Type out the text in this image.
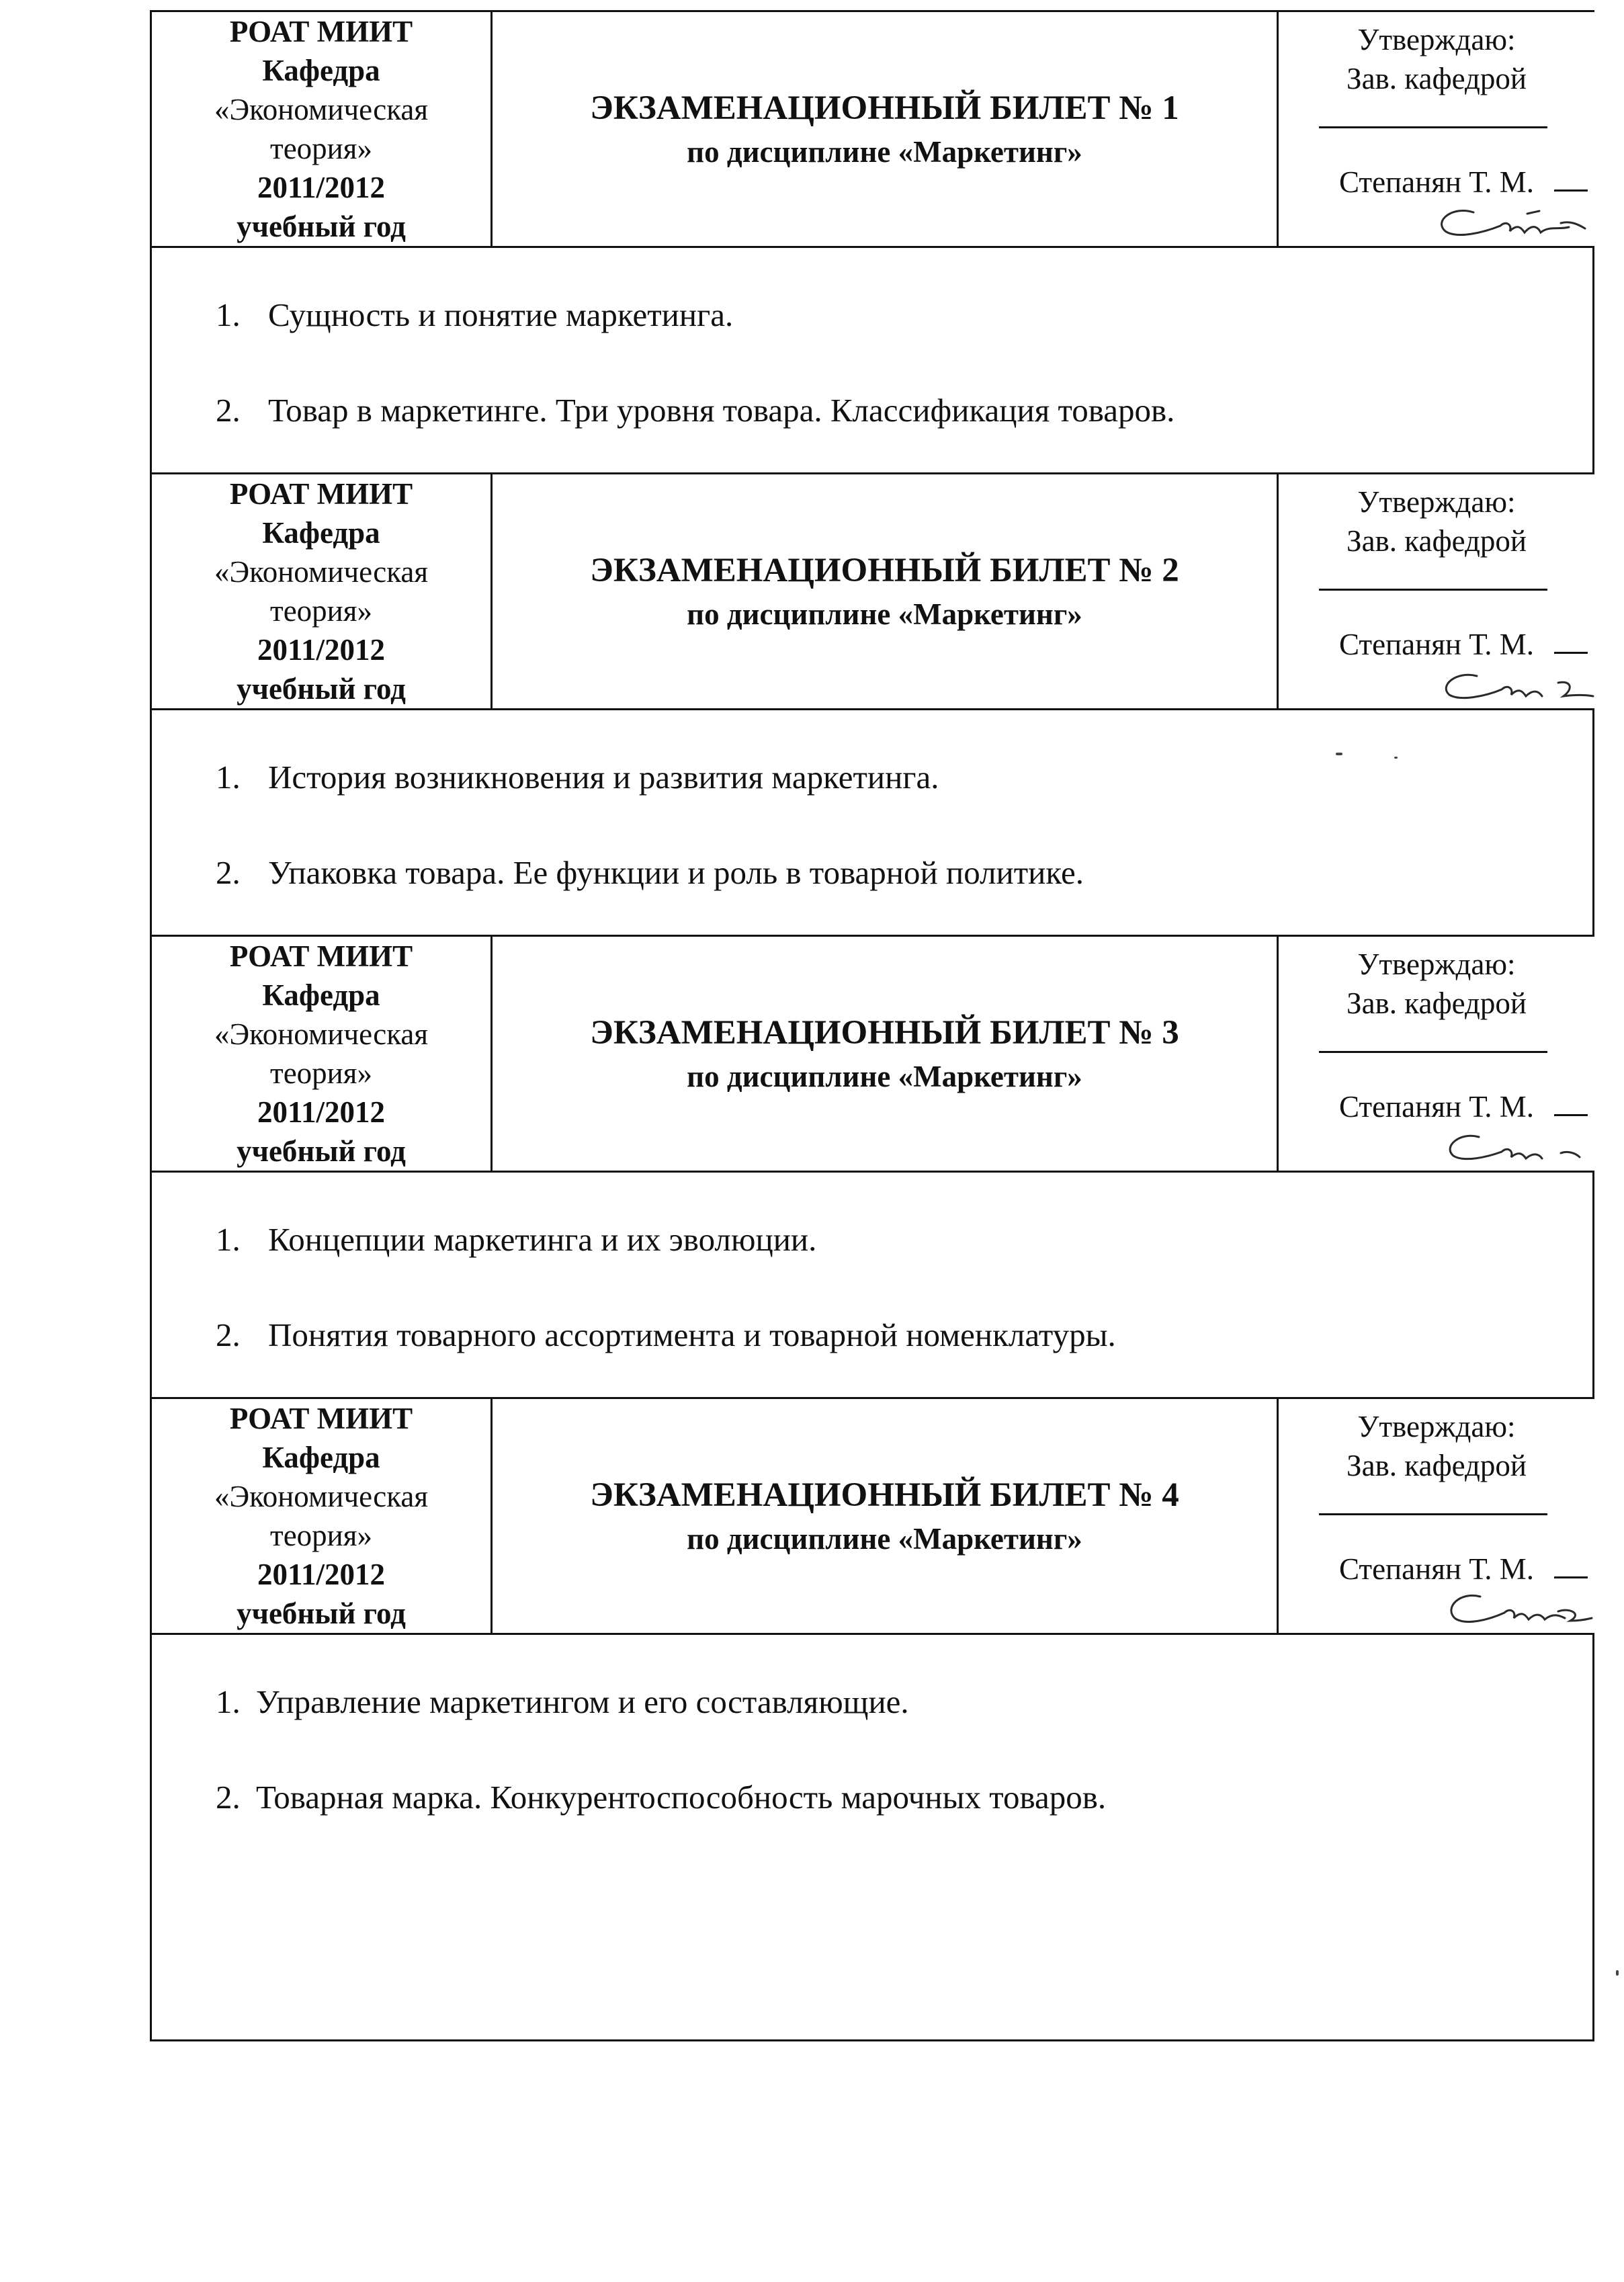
РОАТ МИИТ
Кафедра
«Экономическая
теория»
2011/2012
учебный год
ЭКЗАМЕНАЦИОННЫЙ БИЛЕТ № 1
по дисциплине «Маркетинг»
Утверждаю:
Зав. кафедрой
Степанян Т. М.
1. Сущность и понятие маркетинга.
2. Товар в маркетинге. Три уровня товара. Классификация товаров.
РОАТ МИИТ
Кафедра
«Экономическая
теория»
2011/2012
учебный год
ЭКЗАМЕНАЦИОННЫЙ БИЛЕТ № 2
по дисциплине «Маркетинг»
Утверждаю:
Зав. кафедрой
Степанян Т. М.
1. История возникновения и развития маркетинга.
2. Упаковка товара. Ее функции и роль в товарной политике.
РОАТ МИИТ
Кафедра
«Экономическая
теория»
2011/2012
учебный год
ЭКЗАМЕНАЦИОННЫЙ БИЛЕТ № 3
по дисциплине «Маркетинг»
Утверждаю:
Зав. кафедрой
Степанян Т. М.
1. Концепции маркетинга и их эволюции.
2. Понятия товарного ассортимента и товарной номенклатуры.
РОАТ МИИТ
Кафедра
«Экономическая
теория»
2011/2012
учебный год
ЭКЗАМЕНАЦИОННЫЙ БИЛЕТ № 4
по дисциплине «Маркетинг»
Утверждаю:
Зав. кафедрой
Степанян Т. М.
1. Управление маркетингом и его составляющие.
2. Товарная марка. Конкурентоспособность марочных товаров.
